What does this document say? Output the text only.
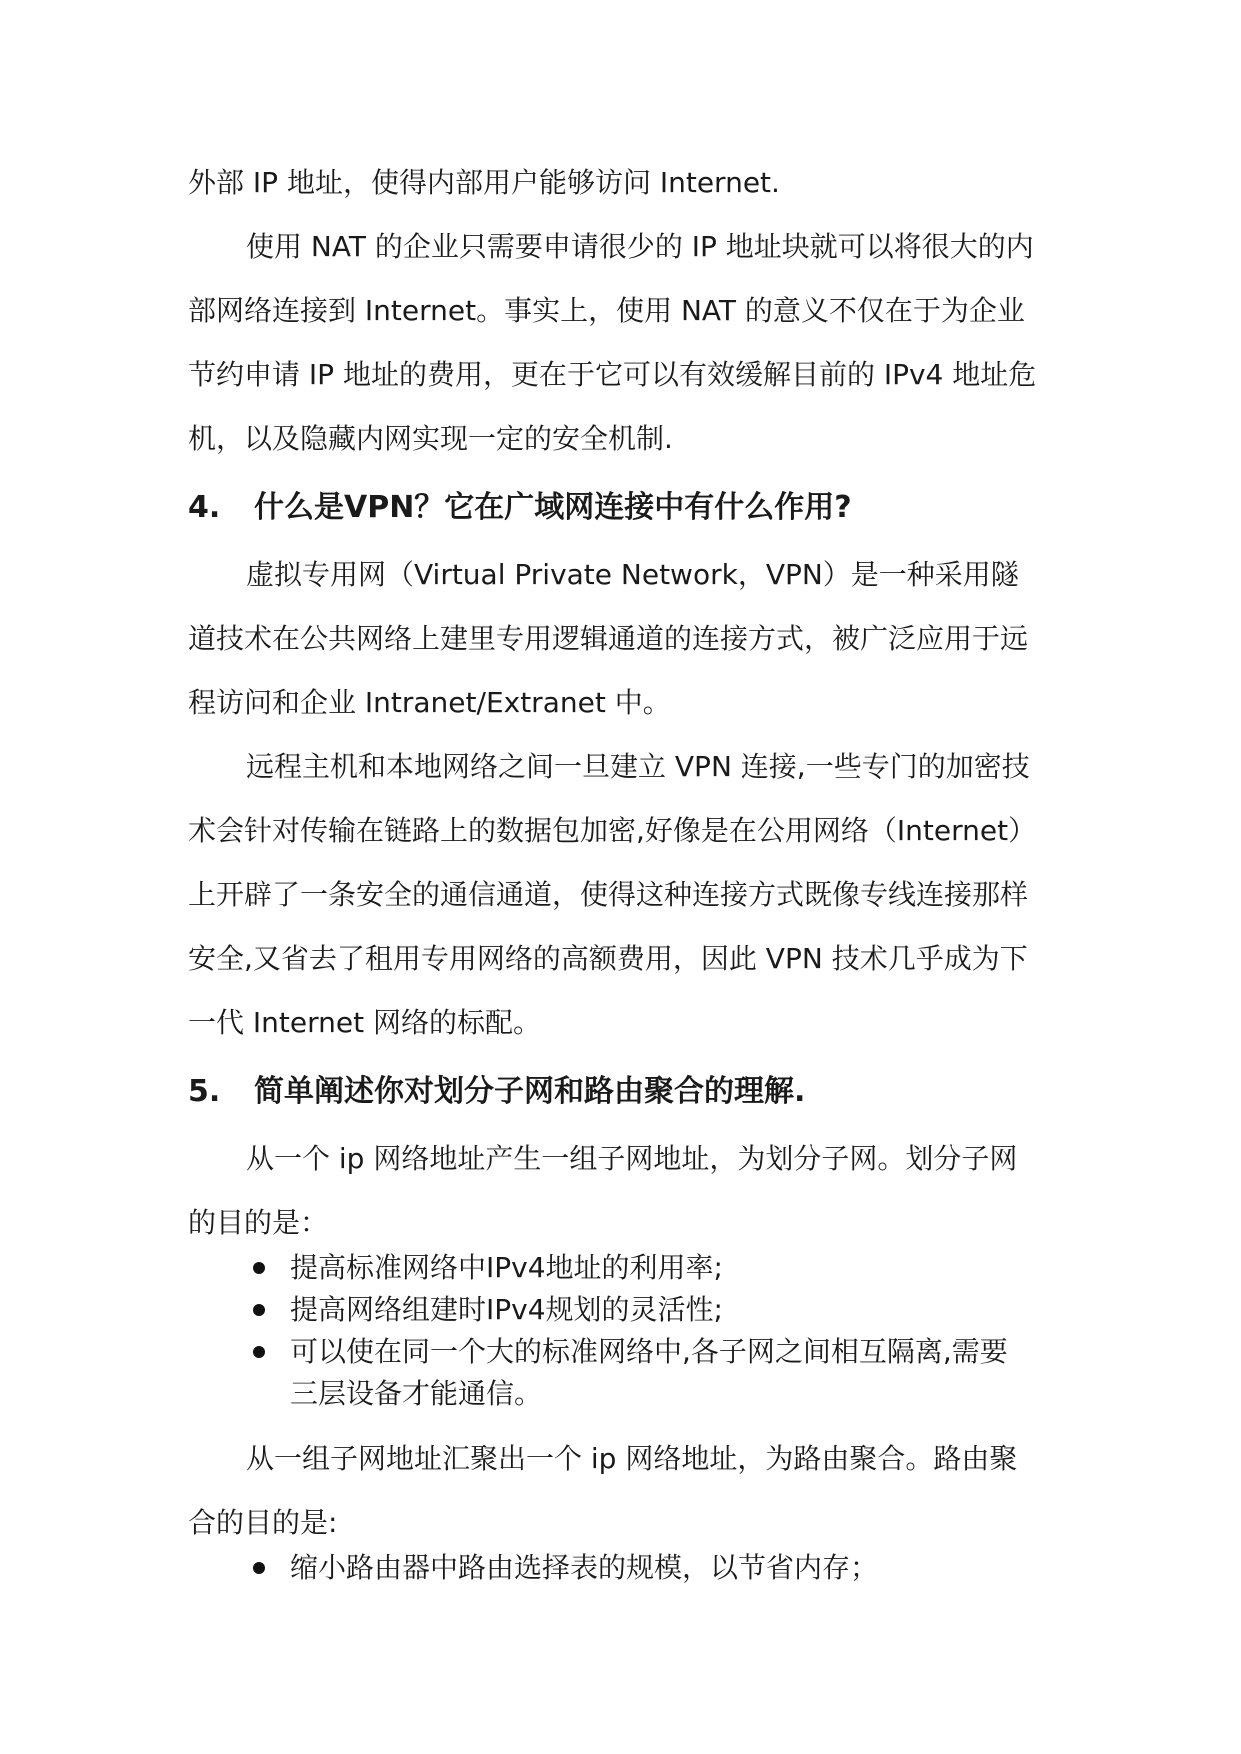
外部 IP 地址，使得内部用户能够访问 Internet.
使用 NAT 的企业只需要申请很少的 IP 地址块就可以将很大的内
部网络连接到 Internet。事实上，使用 NAT 的意义不仅在于为企业
节约申请 IP 地址的费用，更在于它可以有效缓解目前的 IPv4 地址危
机，以及隐藏内网实现一定的安全机制.
4. 什么是VPN？它在广域网连接中有什么作用?
虚拟专用网（Virtual Private Network，VPN）是一种采用隧
道技术在公共网络上建里专用逻辑通道的连接方式，被广泛应用于远
程访问和企业 Intranet/Extranet 中。
远程主机和本地网络之间一旦建立 VPN 连接,一些专门的加密技
术会针对传输在链路上的数据包加密,好像是在公用网络（Internet）
上开辟了一条安全的通信通道，使得这种连接方式既像专线连接那样
安全,又省去了租用专用网络的高额费用，因此 VPN 技术几乎成为下
一代 Internet 网络的标配。
5. 简单阐述你对划分子网和路由聚合的理解.
从一个 ip 网络地址产生一组子网地址，为划分子网。划分子网
的目的是：
提高标准网络中IPv4地址的利用率;
提高网络组建时IPv4规划的灵活性;
可以使在同一个大的标准网络中,各子网之间相互隔离,需要
三层设备才能通信。
从一组子网地址汇聚出一个 ip 网络地址，为路由聚合。路由聚
合的目的是:
缩小路由器中路由选择表的规模，以节省内存；
